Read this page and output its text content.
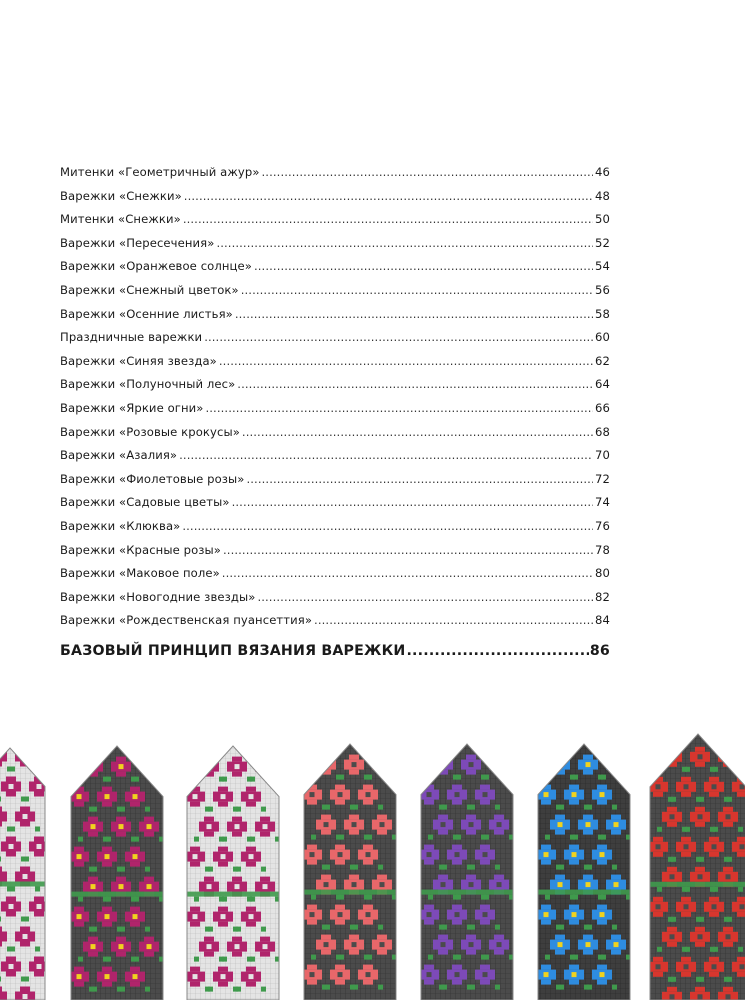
Митенки «Геометричный ажур» .....	46
Варежки «Снежки» .....	48
Митенки «Снежки» .....	50
Варежки «Пересечения» .....	52
Варежки «Оранжевое солнце» .....	54
Варежки «Снежный цветок» .....	56
Варежки «Осенние листья» .....	58
Праздничные варежки .....	60
Варежки «Синяя звезда» .....	62
Варежки «Полуночный лес» .....	64
Варежки «Яркие огни» .....	66
Варежки «Розовые крокусы» .....	68
Варежки «Азалия» .....	70
Варежки «Фиолетовые розы» .....	72
Варежки «Садовые цветы» .....	74
Варежки «Клюква» .....	76
Варежки «Красные розы» .....	78
Варежки «Маковое поле» .....	80
Варежки «Новогодние звезды» .....	82
Варежки «Рождественская пуансеттия» .....	84
БАЗОВЫЙ ПРИНЦИП ВЯЗАНИЯ ВАРЕЖКИ .....	86
